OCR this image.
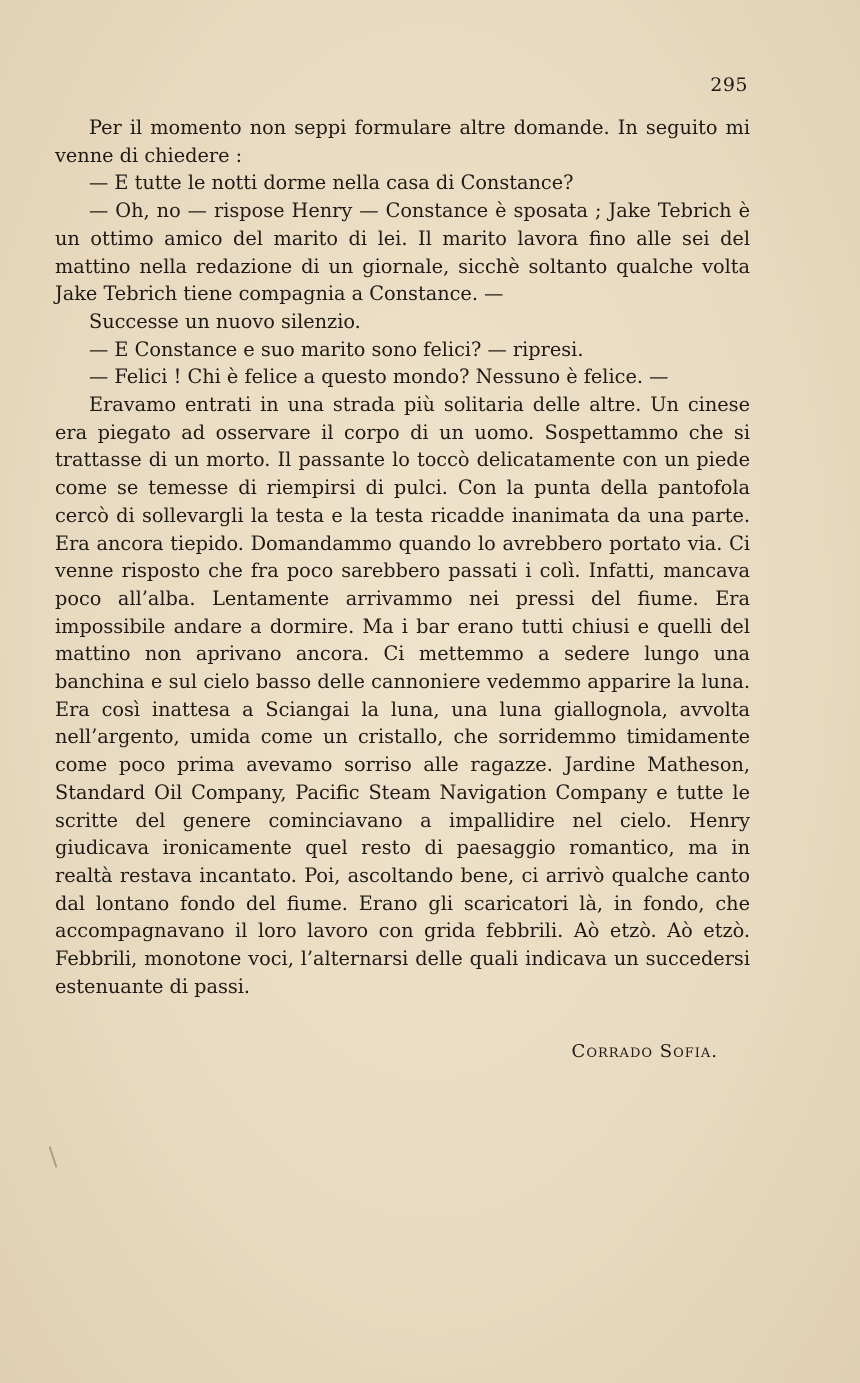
295

Per il momento non seppi formulare altre domande. In seguito mi venne di chiedere :

— E tutte le notti dorme nella casa di Constance?

— Oh, no — rispose Henry — Constance è sposata ; Jake Tebrich è un ottimo amico del marito di lei. Il marito lavora fino alle sei del mattino nella redazione di un giornale, sicchè soltanto qualche volta Jake Tebrich tiene compagnia a Constance. —

Successe un nuovo silenzio.

— E Constance e suo marito sono felici? — ripresi.

— Felici ! Chi è felice a questo mondo? Nessuno è felice. —

Eravamo entrati in una strada più solitaria delle altre. Un cinese era piegato ad osservare il corpo di un uomo. Sospettammo che si trattasse di un morto. Il passante lo toccò delicatamente con un piede come se temesse di riempirsi di pulci. Con la punta della pantofola cercò di sollevargli la testa e la testa ricadde inanimata da una parte. Era ancora tiepido. Domandammo quando lo avrebbero portato via. Ci venne risposto che fra poco sarebbero passati i colì. Infatti, mancava poco all’alba. Lentamente arrivammo nei pressi del fiume. Era impossibile andare a dormire. Ma i bar erano tutti chiusi e quelli del mattino non aprivano ancora. Ci mettemmo a sedere lungo una banchina e sul cielo basso delle cannoniere vedemmo apparire la luna. Era così inattesa a Sciangai la luna, una luna giallognola, avvolta nell’argento, umida come un cristallo, che sorridemmo timidamente come poco prima avevamo sorriso alle ragazze. Jardine Matheson, Standard Oil Company, Pacific Steam Navigation Company e tutte le scritte del genere cominciavano a impallidire nel cielo. Henry giudicava ironicamente quel resto di paesaggio romantico, ma in realtà restava incantato. Poi, ascoltando bene, ci arrivò qualche canto dal lontano fondo del fiume. Erano gli scaricatori là, in fondo, che accompagnavano il loro lavoro con grida febbrili. Aò etzò. Aò etzò. Febbrili, monotone voci, l’alternarsi delle quali indicava un succedersi estenuante di passi.

Corrado Sofia.
